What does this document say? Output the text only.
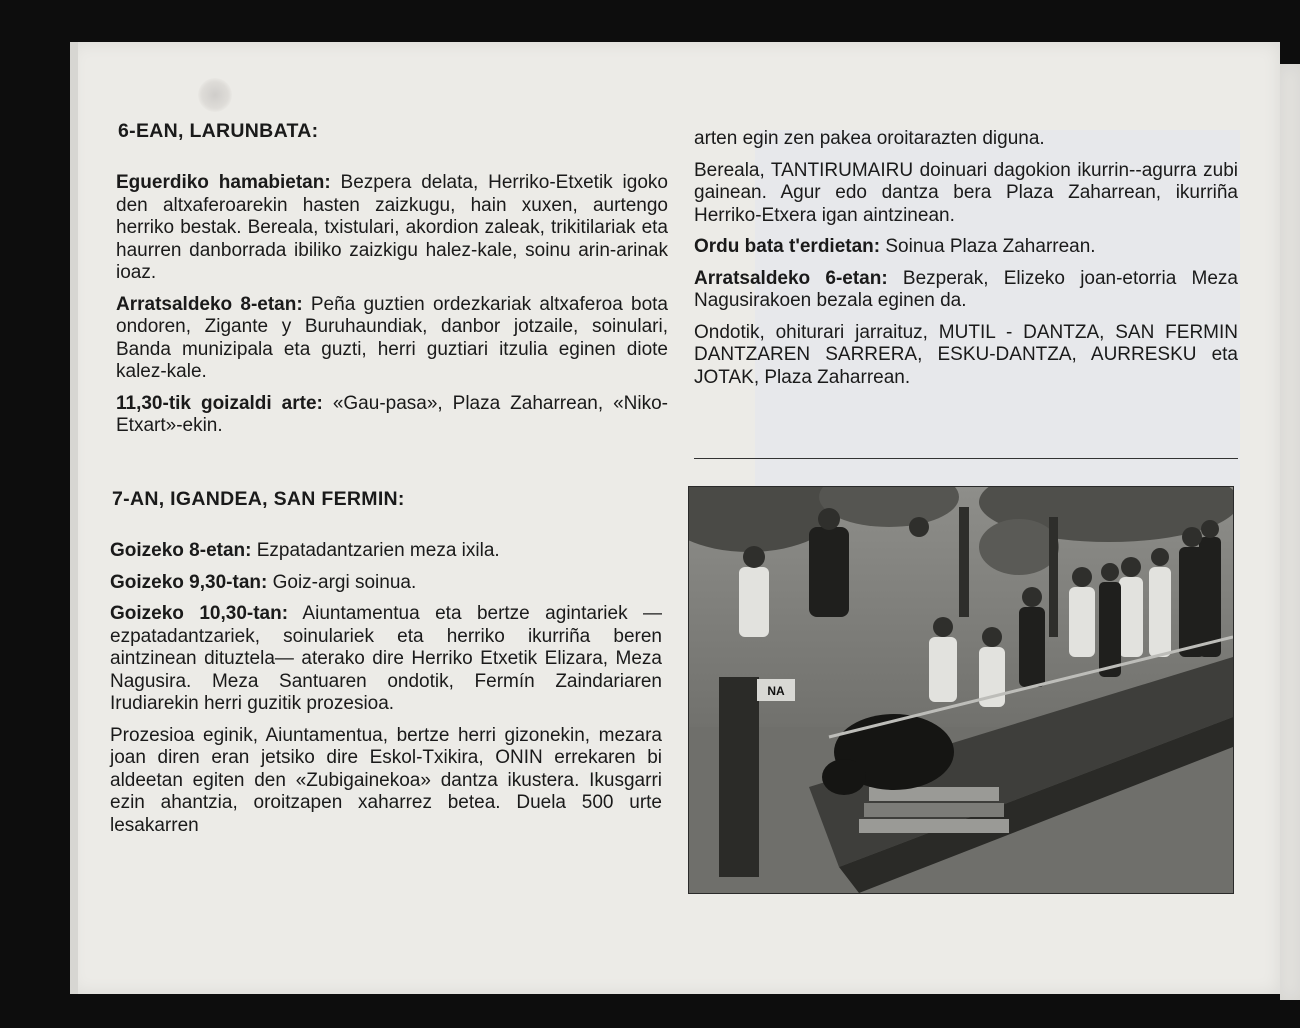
6-EAN, LARUNBATA:

Eguerdiko hamabietan: Bezpera delata, Herriko-Etxetik igoko den altxaferoarekin hasten zaizkugu, hain xuxen, aurtengo herriko bestak. Bereala, txistulari, akordion zaleak, trikitilariak eta haurren danborrada ibiliko zaizkigu halez-kale, soinu arin-arinak ioaz.

Arratsaldeko 8-etan: Peña guztien ordezkariak altxaferoa bota ondoren, Zigante y Buruhaundiak, danbor jotzaile, soinulari, Banda munizipala eta guzti, herri guztiari itzulia eginen diote kalez-kale.

11,30-tik goizaldi arte: «Gau-pasa», Plaza Zaharrean, «Niko-Etxart»-ekin.

7-AN, IGANDEA, SAN FERMIN:

Goizeko 8-etan: Ezpatadantzarien meza ixila.

Goizeko 9,30-tan: Goiz-argi soinua.

Goizeko 10,30-tan: Aiuntamentua eta bertze agintariek —ezpatadantzariek, soinulariek eta herriko ikurriña beren aintzinean dituztela— aterako dire Herriko Etxetik Elizara, Meza Nagusira. Meza Santuaren ondotik, Fermín Zaindariaren Irudiarekin herri guzitik prozesioa.

Prozesioa eginik, Aiuntamentua, bertze herri gizonekin, mezara joan diren eran jetsiko dire Eskol-Txikira, ONIN errekaren bi aldeetan egiten den «Zubigainekoa» dantza ikustera. Ikusgarri ezin ahantzia, oroitzapen xaharrez betea. Duela 500 urte lesakarren

arten egin zen pakea oroitarazten diguna.

Bereala, TANTIRUMAIRU doinuari dagokion ikurrin--agurra zubi gainean. Agur edo dantza bera Plaza Zaharrean, ikurriña Herriko-Etxera igan aintzinean.

Ordu bata t'erdietan: Soinua Plaza Zaharrean.

Arratsaldeko 6-etan: Bezperak, Elizeko joan-etorria Meza Nagusirakoen bezala eginen da.

Ondotik, ohiturari jarraituz, MUTIL - DANTZA, SAN FERMIN DANTZAREN SARRERA, ESKU-DANTZA, AURRESKU eta JOTAK, Plaza Zaharrean.

NA
